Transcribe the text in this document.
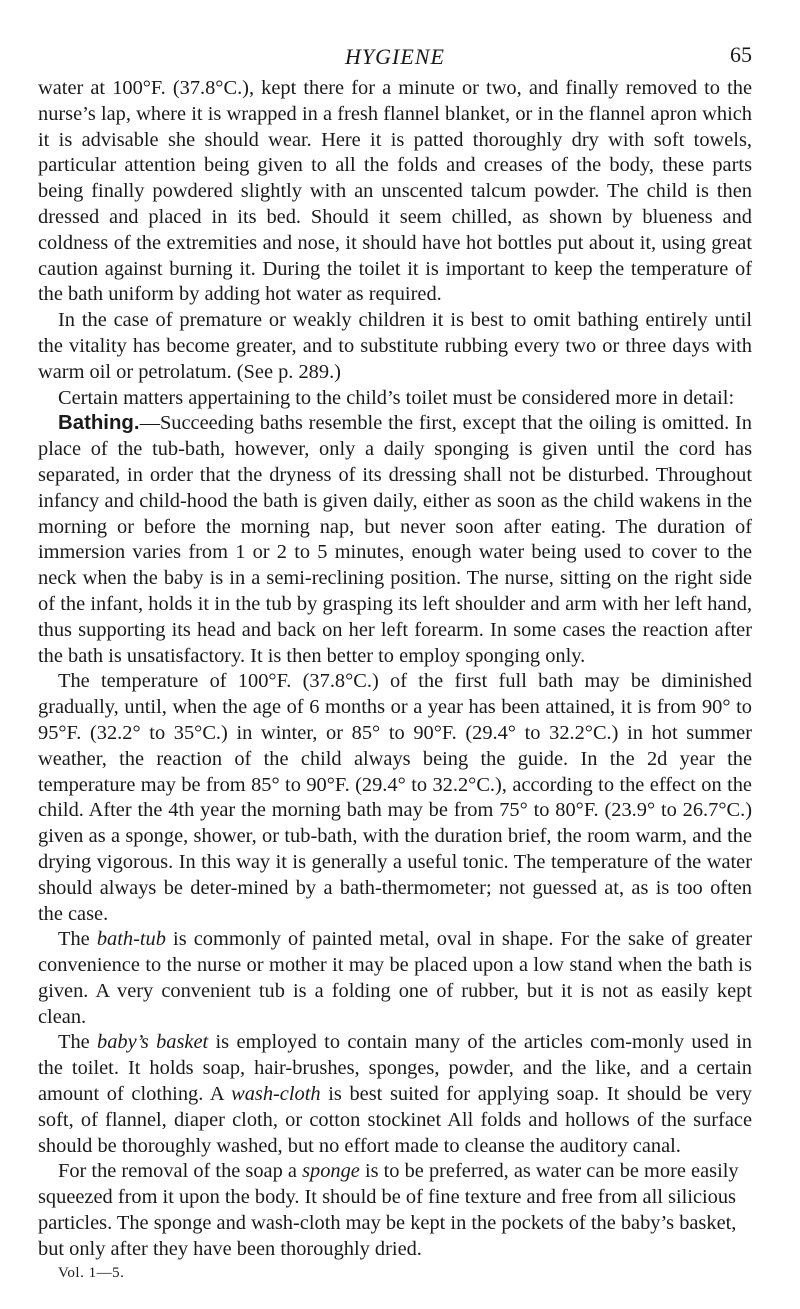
HYGIENE	65

water at 100°F. (37.8°C.), kept there for a minute or two, and finally removed to the nurse’s lap, where it is wrapped in a fresh flannel blanket, or in the flannel apron which it is advisable she should wear. Here it is patted thoroughly dry with soft towels, particular attention being given to all the folds and creases of the body, these parts being finally powdered slightly with an unscented talcum powder. The child is then dressed and placed in its bed. Should it seem chilled, as shown by blueness and coldness of the extremities and nose, it should have hot bottles put about it, using great caution against burning it. During the toilet it is important to keep the temperature of the bath uniform by adding hot water as required.

In the case of premature or weakly children it is best to omit bathing entirely until the vitality has become greater, and to substitute rubbing every two or three days with warm oil or petrolatum. (See p. 289.)

Certain matters appertaining to the child’s toilet must be considered more in detail:

Bathing.—Succeeding baths resemble the first, except that the oiling is omitted. In place of the tub-bath, however, only a daily sponging is given until the cord has separated, in order that the dryness of its dressing shall not be disturbed. Throughout infancy and child-hood the bath is given daily, either as soon as the child wakens in the morning or before the morning nap, but never soon after eating. The duration of immersion varies from 1 or 2 to 5 minutes, enough water being used to cover to the neck when the baby is in a semi-reclining position. The nurse, sitting on the right side of the infant, holds it in the tub by grasping its left shoulder and arm with her left hand, thus supporting its head and back on her left forearm. In some cases the reaction after the bath is unsatisfactory. It is then better to employ sponging only.

The temperature of 100°F. (37.8°C.) of the first full bath may be diminished gradually, until, when the age of 6 months or a year has been attained, it is from 90° to 95°F. (32.2° to 35°C.) in winter, or 85° to 90°F. (29.4° to 32.2°C.) in hot summer weather, the reaction of the child always being the guide. In the 2d year the temperature may be from 85° to 90°F. (29.4° to 32.2°C.), according to the effect on the child. After the 4th year the morning bath may be from 75° to 80°F. (23.9° to 26.7°C.) given as a sponge, shower, or tub-bath, with the duration brief, the room warm, and the drying vigorous. In this way it is generally a useful tonic. The temperature of the water should always be deter-mined by a bath-thermometer; not guessed at, as is too often the case.

The bath-tub is commonly of painted metal, oval in shape. For the sake of greater convenience to the nurse or mother it may be placed upon a low stand when the bath is given. A very convenient tub is a folding one of rubber, but it is not as easily kept clean.

The baby’s basket is employed to contain many of the articles com-monly used in the toilet. It holds soap, hair-brushes, sponges, powder, and the like, and a certain amount of clothing. A wash-cloth is best suited for applying soap. It should be very soft, of flannel, diaper cloth, or cotton stockinet All folds and hollows of the surface should be thoroughly washed, but no effort made to cleanse the auditory canal.

For the removal of the soap a sponge is to be preferred, as water can be more easily squeezed from it upon the body. It should be of fine texture and free from all silicious particles. The sponge and wash-cloth may be kept in the pockets of the baby’s basket, but only after they have been thoroughly dried.

Vol. 1—5.
